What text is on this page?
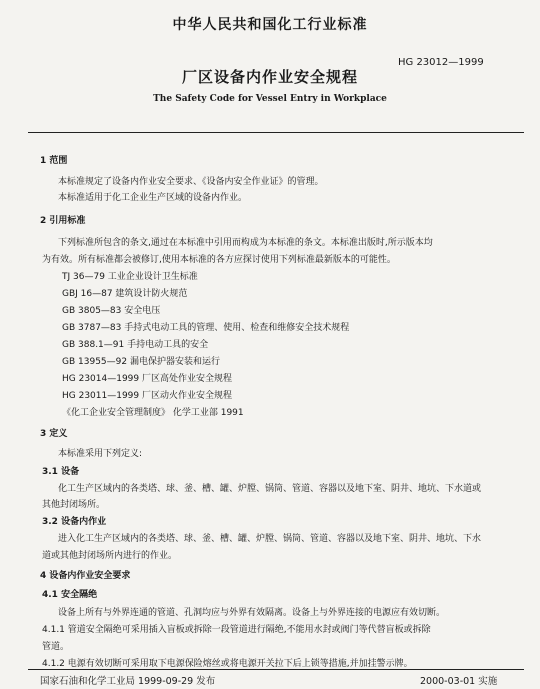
中华人民共和国化工行业标准
HG 23012—1999
厂区设备内作业安全规程
The Safety Code for Vessel Entry in Workplace
1 范围
本标准规定了设备内作业安全要求、《设备内安全作业证》的管理。
本标准适用于化工企业生产区域的设备内作业。
2 引用标准
下列标准所包含的条文,通过在本标准中引用而构成为本标准的条文。本标准出版时,所示版本均
为有效。所有标准都会被修订,使用本标准的各方应探讨使用下列标准最新版本的可能性。
TJ 36—79 工业企业设计卫生标准
GBJ 16—87 建筑设计防火规范
GB 3805—83 安全电压
GB 3787—83 手持式电动工具的管理、使用、检查和维修安全技术规程
GB 388.1—91 手持电动工具的安全
GB 13955—92 漏电保护器安装和运行
HG 23014—1999 厂区高处作业安全规程
HG 23011—1999 厂区动火作业安全规程
《化工企业安全管理制度》 化学工业部 1991
3 定义
本标准采用下列定义:
3.1 设备
化工生产区域内的各类塔、球、釜、槽、罐、炉膛、锅筒、管道、容器以及地下室、阴井、地坑、下水道或
其他封闭场所。
3.2 设备内作业
进入化工生产区域内的各类塔、球、釜、槽、罐、炉膛、锅筒、管道、容器以及地下室、阴井、地坑、下水
道或其他封闭场所内进行的作业。
4 设备内作业安全要求
4.1 安全隔绝
设备上所有与外界连通的管道、孔洞均应与外界有效隔离。设备上与外界连接的电源应有效切断。
4.1.1 管道安全隔绝可采用插入盲板或拆除一段管道进行隔绝,不能用水封或阀门等代替盲板或拆除
管道。
4.1.2 电源有效切断可采用取下电源保险熔丝或将电源开关拉下后上锁等措施,并加挂警示牌。
国家石油和化学工业局 1999-09-29 发布	2000-03-01 实施
